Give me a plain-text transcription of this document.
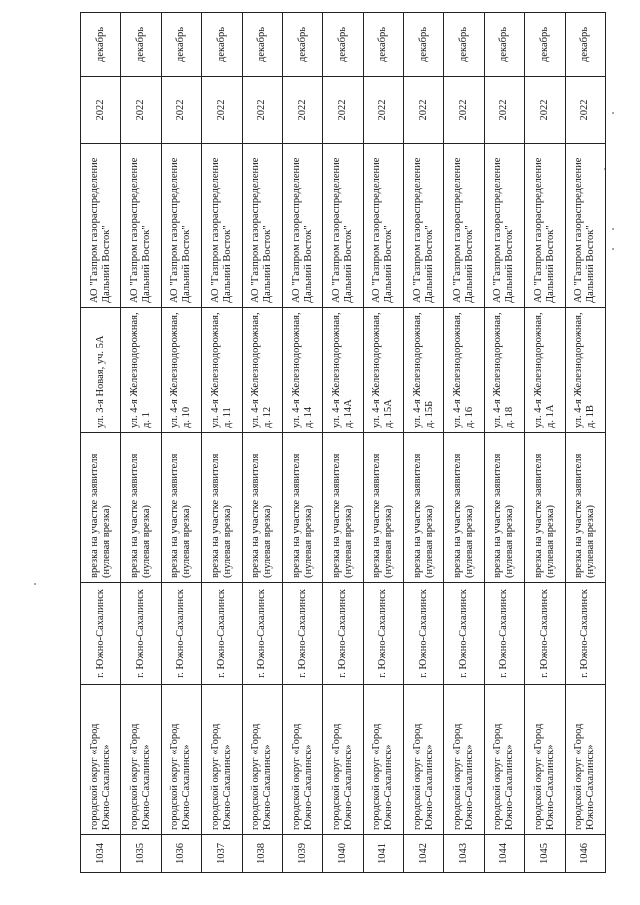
1034	городской округ «Город Южно-Сахалинск»	г. Южно-Сахалинск	врезка на участке заявителя (нулевая врезка)	ул. 3-я Новая, уч. 5А	АО "Газпром газораспределение Дальний Восток"	2022	декабрь
1035	городской округ «Город Южно-Сахалинск»	г. Южно-Сахалинск	врезка на участке заявителя (нулевая врезка)	ул. 4-я Железнодорожная, д. 1	АО "Газпром газораспределение Дальний Восток"	2022	декабрь
1036	городской округ «Город Южно-Сахалинск»	г. Южно-Сахалинск	врезка на участке заявителя (нулевая врезка)	ул. 4-я Железнодорожная, д. 10	АО "Газпром газораспределение Дальний Восток"	2022	декабрь
1037	городской округ «Город Южно-Сахалинск»	г. Южно-Сахалинск	врезка на участке заявителя (нулевая врезка)	ул. 4-я Железнодорожная, д. 11	АО "Газпром газораспределение Дальний Восток"	2022	декабрь
1038	городской округ «Город Южно-Сахалинск»	г. Южно-Сахалинск	врезка на участке заявителя (нулевая врезка)	ул. 4-я Железнодорожная, д. 12	АО "Газпром газораспределение Дальний Восток"	2022	декабрь
1039	городской округ «Город Южно-Сахалинск»	г. Южно-Сахалинск	врезка на участке заявителя (нулевая врезка)	ул. 4-я Железнодорожная, д. 14	АО "Газпром газораспределение Дальний Восток"	2022	декабрь
1040	городской округ «Город Южно-Сахалинск»	г. Южно-Сахалинск	врезка на участке заявителя (нулевая врезка)	ул. 4-я Железнодорожная, д. 14А	АО "Газпром газораспределение Дальний Восток"	2022	декабрь
1041	городской округ «Город Южно-Сахалинск»	г. Южно-Сахалинск	врезка на участке заявителя (нулевая врезка)	ул. 4-я Железнодорожная, д. 15А	АО "Газпром газораспределение Дальний Восток"	2022	декабрь
1042	городской округ «Город Южно-Сахалинск»	г. Южно-Сахалинск	врезка на участке заявителя (нулевая врезка)	ул. 4-я Железнодорожная, д. 15Б	АО "Газпром газораспределение Дальний Восток"	2022	декабрь
1043	городской округ «Город Южно-Сахалинск»	г. Южно-Сахалинск	врезка на участке заявителя (нулевая врезка)	ул. 4-я Железнодорожная, д. 16	АО "Газпром газораспределение Дальний Восток"	2022	декабрь
1044	городской округ «Город Южно-Сахалинск»	г. Южно-Сахалинск	врезка на участке заявителя (нулевая врезка)	ул. 4-я Железнодорожная, д. 18	АО "Газпром газораспределение Дальний Восток"	2022	декабрь
1045	городской округ «Город Южно-Сахалинск»	г. Южно-Сахалинск	врезка на участке заявителя (нулевая врезка)	ул. 4-я Железнодорожная, д. 1А	АО "Газпром газораспределение Дальний Восток"	2022	декабрь
1046	городской округ «Город Южно-Сахалинск»	г. Южно-Сахалинск	врезка на участке заявителя (нулевая врезка)	ул. 4-я Железнодорожная, д. 1В	АО "Газпром газораспределение Дальний Восток"	2022	декабрь
